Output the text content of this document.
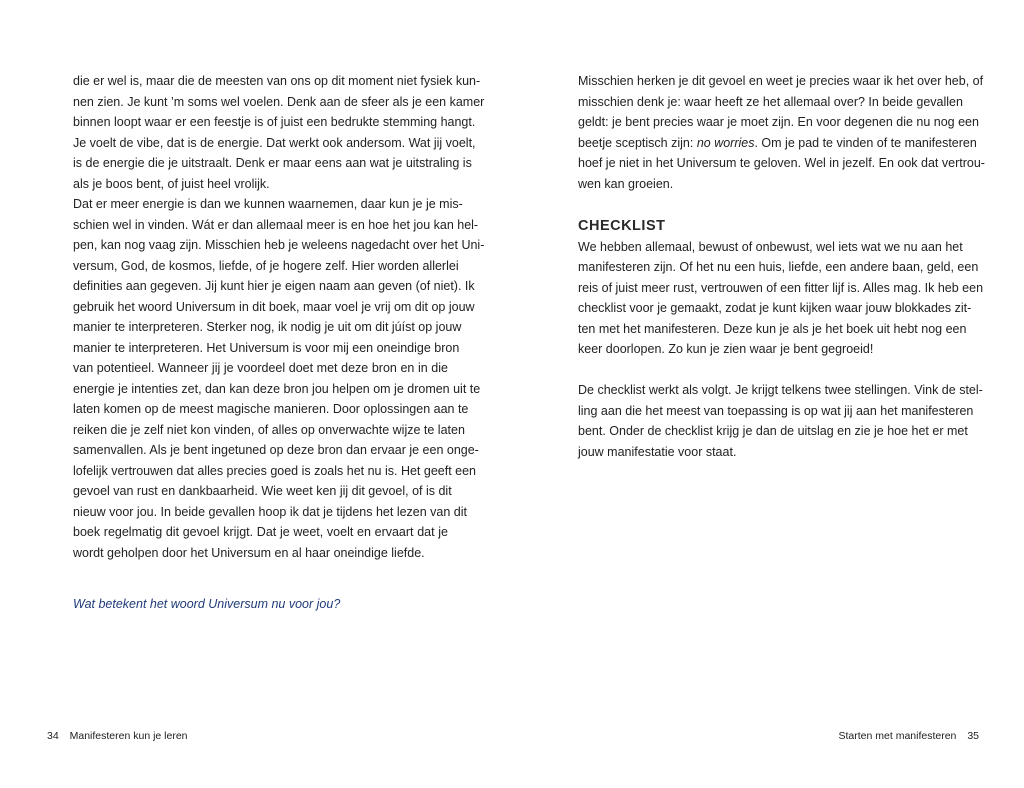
die er wel is, maar die de meesten van ons op dit moment niet fysiek kun-
nen zien. Je kunt ’m soms wel voelen. Denk aan de sfeer als je een kamer
binnen loopt waar er een feestje is of juist een bedrukte stemming hangt.
Je voelt de vibe, dat is de energie. Dat werkt ook andersom. Wat jij voelt,
is de energie die je uitstraalt. Denk er maar eens aan wat je uitstraling is
als je boos bent, of juist heel vrolijk.

Dat er meer energie is dan we kunnen waarnemen, daar kun je je mis-
schien wel in vinden. Wát er dan allemaal meer is en hoe het jou kan hel-
pen, kan nog vaag zijn. Misschien heb je weleens nagedacht over het Uni-
versum, God, de kosmos, liefde, of je hogere zelf. Hier worden allerlei
definities aan gegeven. Jij kunt hier je eigen naam aan geven (of niet). Ik
gebruik het woord Universum in dit boek, maar voel je vrij om dit op jouw
manier te interpreteren. Sterker nog, ik nodig je uit om dit júíst op jouw
manier te interpreteren. Het Universum is voor mij een oneindige bron
van potentieel. Wanneer jij je voordeel doet met deze bron en in die
energie je intenties zet, dan kan deze bron jou helpen om je dromen uit te
laten komen op de meest magische manieren. Door oplossingen aan te
reiken die je zelf niet kon vinden, of alles op onverwachte wijze te laten
samenvallen. Als je bent ingetuned op deze bron dan ervaar je een onge-
lofelijk vertrouwen dat alles precies goed is zoals het nu is. Het geeft een
gevoel van rust en dankbaarheid. Wie weet ken jij dit gevoel, of is dit
nieuw voor jou. In beide gevallen hoop ik dat je tijdens het lezen van dit
boek regelmatig dit gevoel krijgt. Dat je weet, voelt en ervaart dat je
wordt geholpen door het Universum en al haar oneindige liefde.

Wat betekent het woord Universum nu voor jou?

34 Manifesteren kun je leren

Misschien herken je dit gevoel en weet je precies waar ik het over heb, of
misschien denk je: waar heeft ze het allemaal over? In beide gevallen
geldt: je bent precies waar je moet zijn. En voor degenen die nu nog een
beetje sceptisch zijn: no worries. Om je pad te vinden of te manifesteren
hoef je niet in het Universum te geloven. Wel in jezelf. En ook dat vertrou-
wen kan groeien.

CHECKLIST

We hebben allemaal, bewust of onbewust, wel iets wat we nu aan het
manifesteren zijn. Of het nu een huis, liefde, een andere baan, geld, een
reis of juist meer rust, vertrouwen of een fitter lijf is. Alles mag. Ik heb een
checklist voor je gemaakt, zodat je kunt kijken waar jouw blokkades zit-
ten met het manifesteren. Deze kun je als je het boek uit hebt nog een
keer doorlopen. Zo kun je zien waar je bent gegroeid!

De checklist werkt als volgt. Je krijgt telkens twee stellingen. Vink de stel-
ling aan die het meest van toepassing is op wat jij aan het manifesteren
bent. Onder de checklist krijg je dan de uitslag en zie je hoe het er met
jouw manifestatie voor staat.

Starten met manifesteren 35
